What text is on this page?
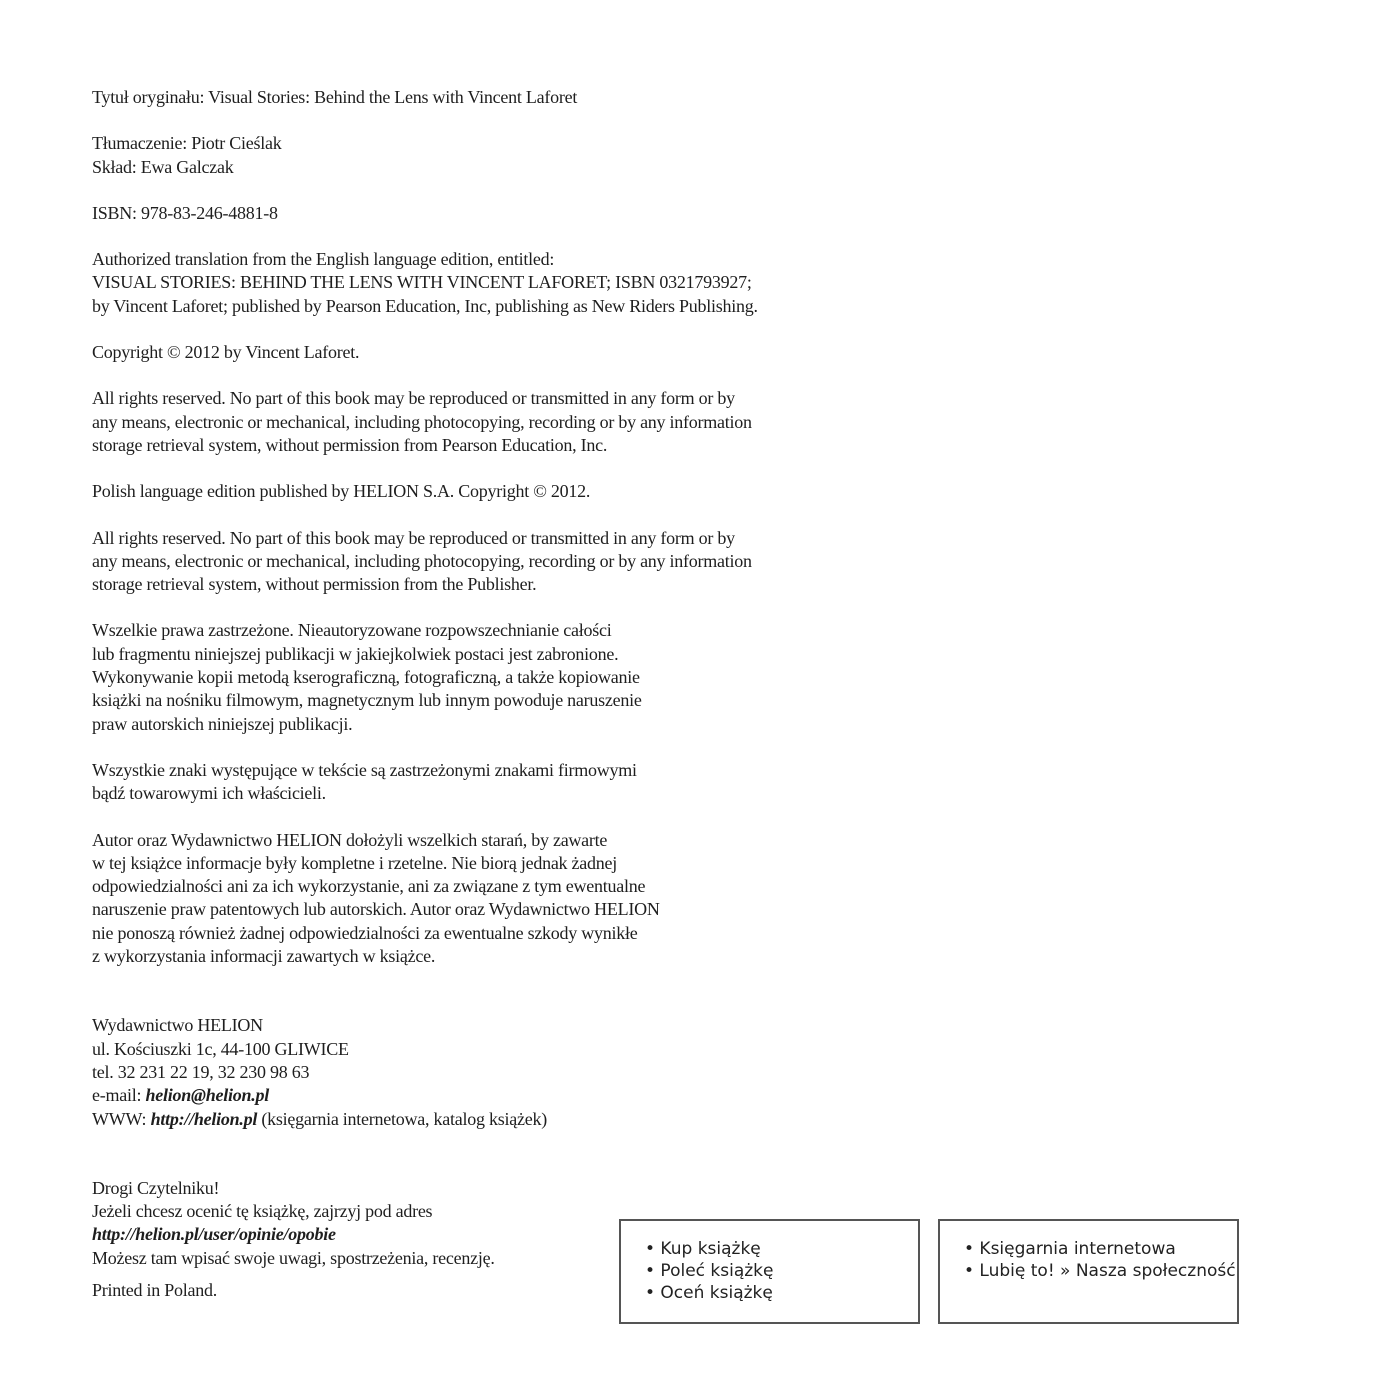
Tytuł oryginału: Visual Stories: Behind the Lens with Vincent Laforet

Tłumaczenie: Piotr Cieślak

Skład: Ewa Galczak

ISBN: 978-83-246-4881-8

Authorized translation from the English language edition, entitled:
VISUAL STORIES: BEHIND THE LENS WITH VINCENT LAFORET; ISBN 0321793927;
by Vincent Laforet; published by Pearson Education, Inc, publishing as New Riders Publishing.

Copyright © 2012 by Vincent Laforet.

All rights reserved. No part of this book may be reproduced or transmitted in any form or by
any means, electronic or mechanical, including photocopying, recording or by any information
storage retrieval system, without permission from Pearson Education, Inc.

Polish language edition published by HELION S.A. Copyright © 2012.

All rights reserved. No part of this book may be reproduced or transmitted in any form or by
any means, electronic or mechanical, including photocopying, recording or by any information
storage retrieval system, without permission from the Publisher.

Wszelkie prawa zastrzeżone. Nieautoryzowane rozpowszechnianie całości
lub fragmentu niniejszej publikacji w jakiejkolwiek postaci jest zabronione.
Wykonywanie kopii metodą kserograficzną, fotograficzną, a także kopiowanie
książki na nośniku filmowym, magnetycznym lub innym powoduje naruszenie
praw autorskich niniejszej publikacji.

Wszystkie znaki występujące w tekście są zastrzeżonymi znakami firmowymi
bądź towarowymi ich właścicieli.

Autor oraz Wydawnictwo HELION dołożyli wszelkich starań, by zawarte
w tej książce informacje były kompletne i rzetelne. Nie biorą jednak żadnej
odpowiedzialności ani za ich wykorzystanie, ani za związane z tym ewentualne
naruszenie praw patentowych lub autorskich. Autor oraz Wydawnictwo HELION
nie ponoszą również żadnej odpowiedzialności za ewentualne szkody wynikłe
z wykorzystania informacji zawartych w książce.

Wydawnictwo HELION
ul. Kościuszki 1c, 44-100 GLIWICE
tel. 32 231 22 19, 32 230 98 63
e-mail: helion@helion.pl
WWW: http://helion.pl (księgarnia internetowa, katalog książek)

Drogi Czytelniku!
Jeżeli chcesz ocenić tę książkę, zajrzyj pod adres
http://helion.pl/user/opinie/opobie
Możesz tam wpisać swoje uwagi, spostrzeżenia, recenzję.

Printed in Poland.
• Kup książkę
• Poleć książkę
• Oceń książkę
• Księgarnia internetowa
• Lubię to! » Nasza społeczność
